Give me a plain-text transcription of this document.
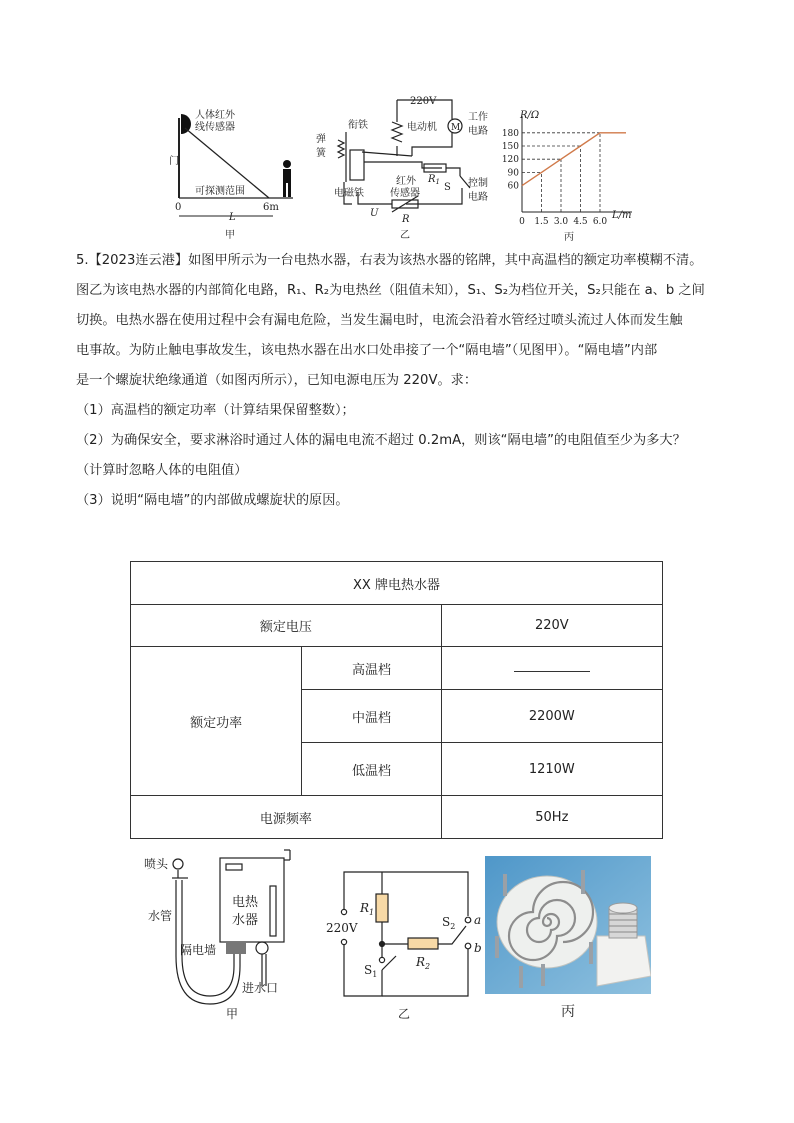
人体红外
线传感器
门
可探测范围
0	6m
L
甲
220V
衔铁
弹
簧
电动机 M
工作
电路
$R_1$ S 控制
电路
红外
传感器
电磁铁
U
R
乙
60
90
120
150
180
0 1.5 3.0 4.5 6.0
R/Ω
L/m
丙

5.【2023连云港】如图甲所示为一台电热水器，右表为该热水器的铭牌，其中高温档的额定功率模糊不清。

图乙为该电热水器的内部简化电路，R₁、R₂为电热丝（阻值未知），S₁、S₂为档位开关，S₂只能在 a、b 之间

切换。电热水器在使用过程中会有漏电危险，当发生漏电时，电流会沿着水管经过喷头流过人体而发生触

电事故。为防止触电事故发生，该电热水器在出水口处串接了一个“隔电墙”（见图甲）。“隔电墙”内部

是一个螺旋状绝缘通道（如图丙所示），已知电源电压为 220V。求：

（1）高温档的额定功率（计算结果保留整数）；

（2）为确保安全，要求淋浴时通过人体的漏电电流不超过 0.2mA，则该“隔电墙”的电阻值至少为多大？

（计算时忽略人体的电阻值）

（3）说明“隔电墙”的内部做成螺旋状的原因。

XX 牌电热水器		
额定电压		220V
额定功率	高温档	
	中温档	2200W
	低温档	1210W
电源频率		50Hz
喷头
水管
电热
水器
隔电墙
进水口
甲
$R_1$
$R_2$
$S_2$
$S_1$
220V
a
b
乙	丙
